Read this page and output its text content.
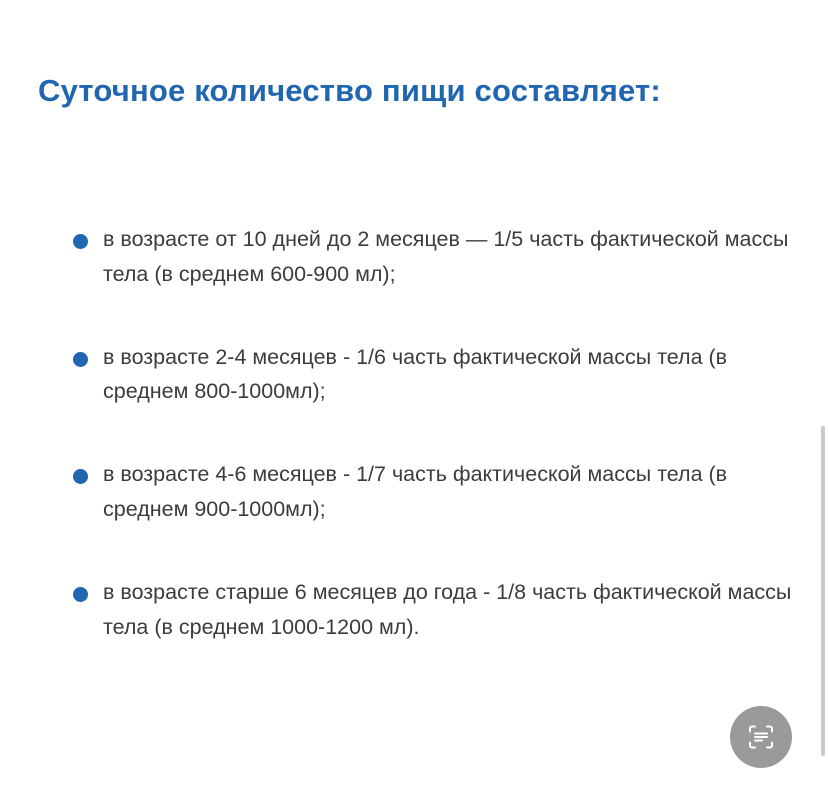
Суточное количество пищи составляет:
в возрасте от 10 дней до 2 месяцев — 1/5 часть фактической массы тела (в среднем 600-900 мл);
в возрасте 2-4 месяцев - 1/6 часть фактической массы тела (в среднем 800-1000мл);
в возрасте 4-6 месяцев - 1/7 часть фактической массы тела (в среднем 900-1000мл);
в возрасте старше 6 месяцев до года - 1/8 часть фактической массы тела (в среднем 1000-1200 мл).
